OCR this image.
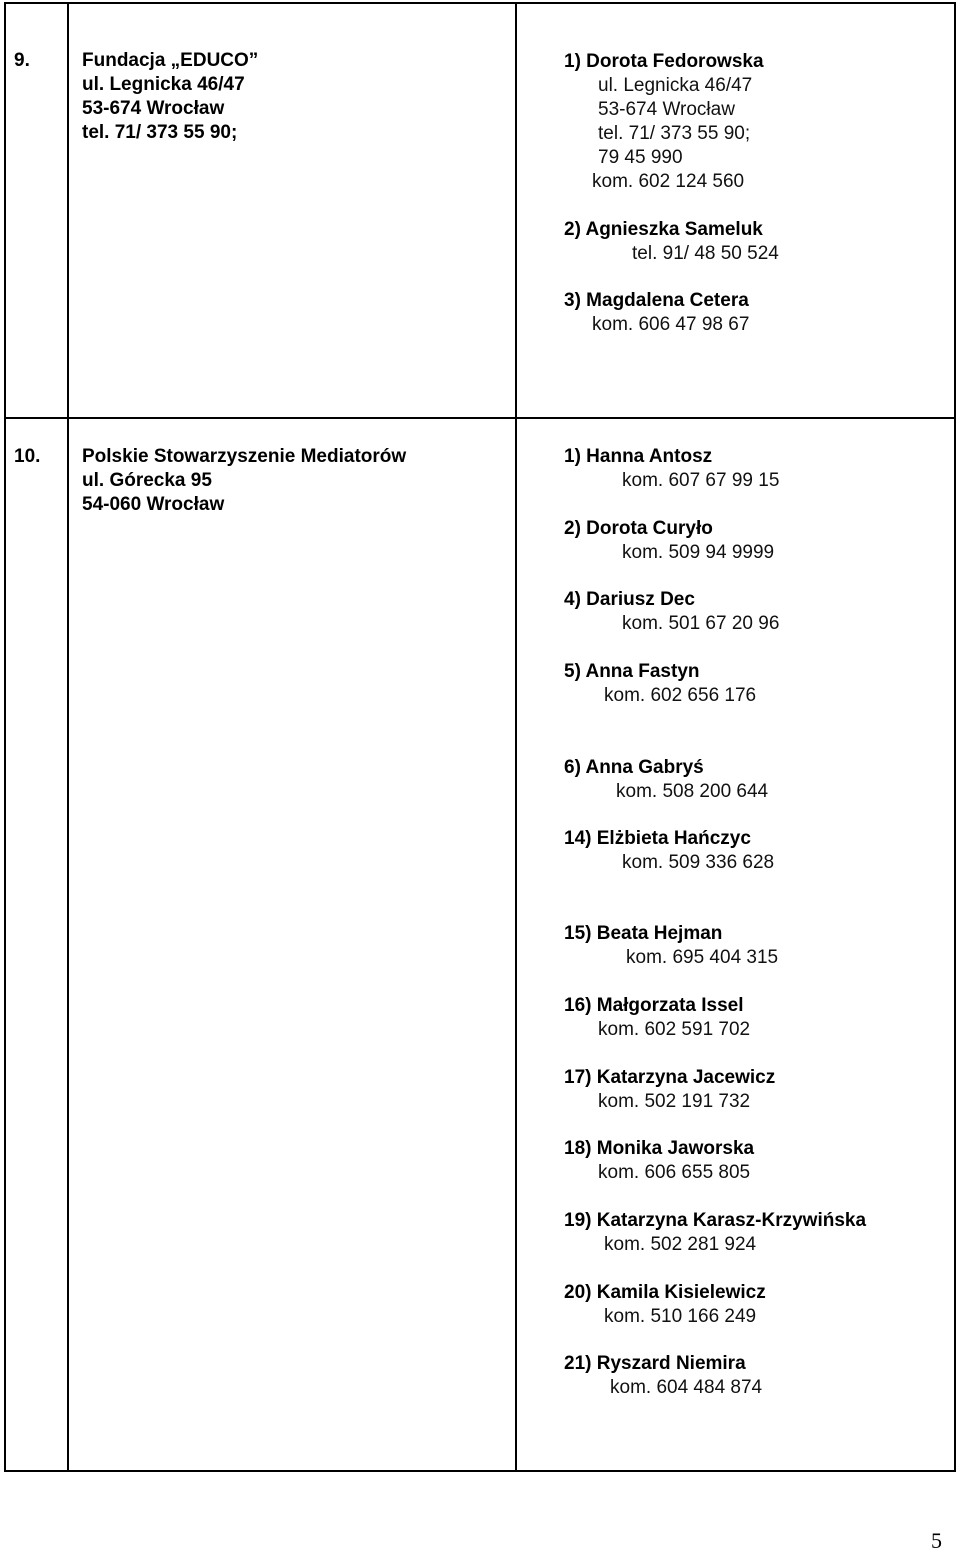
9.	Fundacja „EDUCO”
ul. Legnicka 46/47
53-674 Wrocław
tel. 71/ 373 55 90;
1) Dorota Fedorowska
ul. Legnicka 46/47
53-674 Wrocław
tel. 71/ 373 55 90;
79 45 990
kom. 602 124 560
2) Agnieszka Sameluk
tel. 91/ 48 50 524
3) Magdalena Cetera
kom. 606 47 98 67
10. Polskie Stowarzyszenie Mediatorów
ul. Górecka 95
54-060 Wrocław
1) Hanna Antosz
kom. 607 67 99 15
2) Dorota Curyło
kom. 509 94 9999
4) Dariusz Dec
kom. 501 67 20 96
5) Anna Fastyn
kom. 602 656 176
6) Anna Gabryś
kom. 508 200 644
14) Elżbieta Hańczyc
kom. 509 336 628
15) Beata Hejman
kom. 695 404 315
16) Małgorzata Issel
kom. 602 591 702
17) Katarzyna Jacewicz
kom. 502 191 732
18) Monika Jaworska
kom. 606 655 805
19) Katarzyna Karasz-Krzywińska
kom. 502 281 924
20) Kamila Kisielewicz
kom. 510 166 249
21) Ryszard Niemira
kom. 604 484 874
5
